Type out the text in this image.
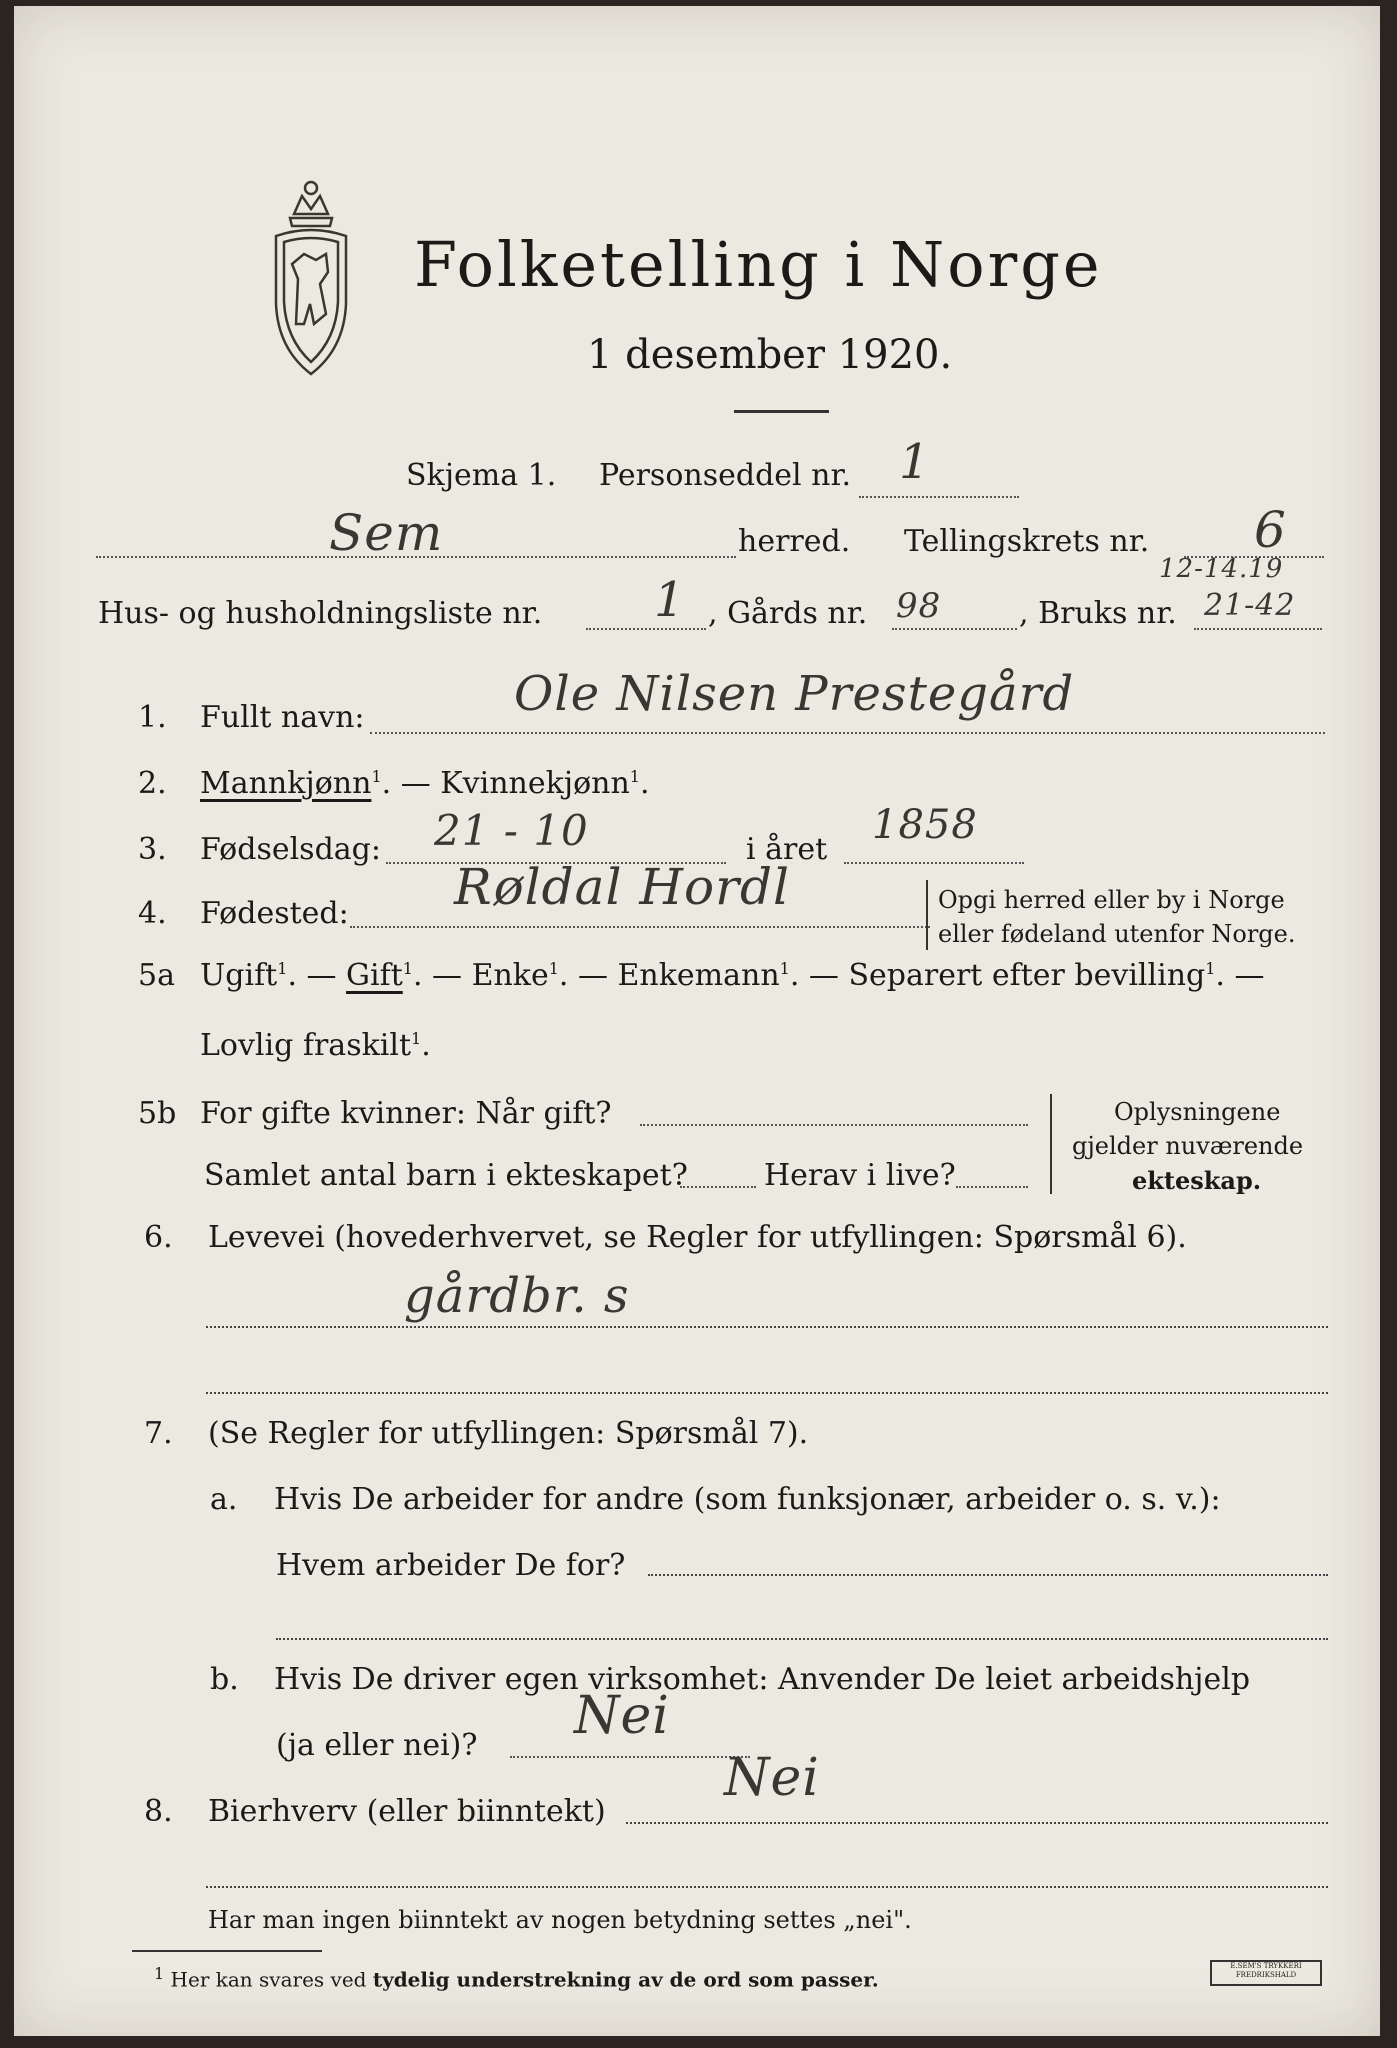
Folketelling i Norge
1 desember 1920.
Skjema 1. Personseddel nr. 1
Sem	herred. Tellingskrets nr. 6
12-14.19
Hus- og husholdningsliste nr. 1 , Gårds nr. 98	, Bruks nr. 21-42
1. Fullt navn:	Ole Nilsen Prestegård
2. Mannkjønn$^1$. — Kvinnekjønn$^1$.
3. Fødselsdag: 21 - 10	i året
1858
4. Fødested: Røldal Hordl	Opgi herred eller by i Norge
eller fødeland utenfor Norge.
5a Ugift$^1$. — Gift$^1$. — Enke$^1$. — Enkemann$^1$. — Separert efter bevilling$^1$. —
Lovlig fraskilt$^1$.
5b For gifte kvinner: Når gift?
Samlet antal barn i ekteskapet?	Herav i live?
Oplysningene
gjelder nuværende
ekteskap.
6. Levevei (hovederhvervet, se Regler for utfyllingen: Spørsmål 6).
gårdbr. s
7. (Se Regler for utfyllingen: Spørsmål 7).
a. Hvis De arbeider for andre (som funksjonær, arbeider o. s. v.):
Hvem arbeider De for?
b. Hvis De driver egen virksomhet: Anvender De leiet arbeidshjelp
(ja eller nei)? Nei
8. Bierhverv (eller biinntekt)
Nei
Har man ingen biinntekt av nogen betydning settes „nei".
$^1$ Her kan svares ved tydelig understrekning av de ord som passer.
E.SEM'S TRYKKERI FREDRIKSHALD
